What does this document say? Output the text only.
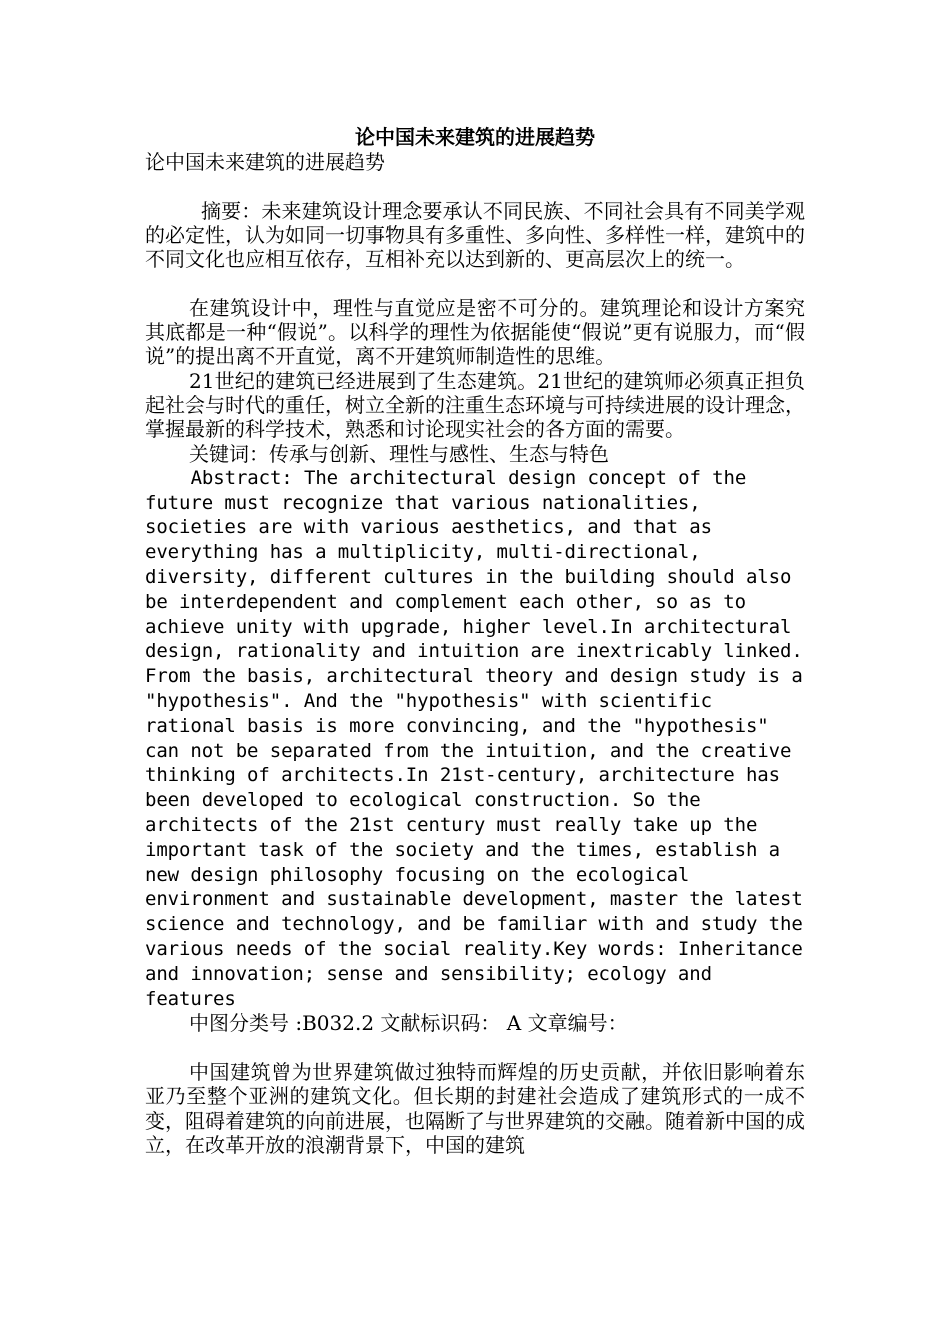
论中国未来建筑的进展趋势

论中国未来建筑的进展趋势

摘要：未来建筑设计理念要承认不同民族、不同社会具有不同美学观的必定性，认为如同一切事物具有多重性、多向性、多样性一样，建筑中的不同文化也应相互依存，互相补充以达到新的、更高层次上的统一。

在建筑设计中，理性与直觉应是密不可分的。建筑理论和设计方案究其底都是一种“假说”。以科学的理性为依据能使“假说”更有说服力，而“假说”的提出离不开直觉，离不开建筑师制造性的思维。

21世纪的建筑已经进展到了生态建筑。21世纪的建筑师必须真正担负起社会与时代的重任，树立全新的注重生态环境与可持续进展的设计理念，掌握最新的科学技术，熟悉和讨论现实社会的各方面的需要。

关键词：传承与创新、理性与感性、生态与特色

Abstract: The architectural design concept of the future must recognize that various nationalities, societies are with various aesthetics, and that as everything has a multiplicity, multi-directional, diversity, different cultures in the building should also be interdependent and complement each other, so as to achieve unity with upgrade, higher level.In architectural design, rationality and intuition are inextricably linked. From the basis, architectural theory and design study is a "hypothesis". And the "hypothesis" with scientific rational basis is more convincing, and the "hypothesis" can not be separated from the intuition, and the creative thinking of architects.In 21st-century, architecture has been developed to ecological construction. So the architects of the 21st century must really take up the important task of the society and the times, establish a new design philosophy focusing on the ecological environment and sustainable development, master the latest science and technology, and be familiar with and study the various needs of the social reality.Key words: Inheritance and innovation; sense and sensibility; ecology and features

中图分类号 :B032.2 文献标识码： A 文章编号：

中国建筑曾为世界建筑做过独特而辉煌的历史贡献，并依旧影响着东亚乃至整个亚洲的建筑文化。但长期的封建社会造成了建筑形式的一成不变，阻碍着建筑的向前进展，也隔断了与世界建筑的交融。随着新中国的成立，在改革开放的浪潮背景下，中国的建筑
